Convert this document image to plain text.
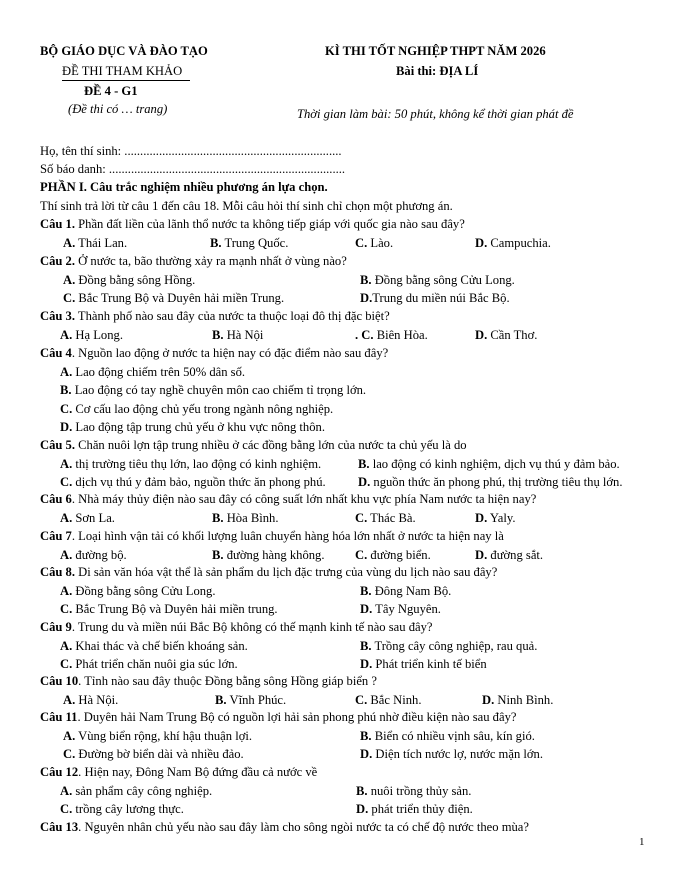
BỘ GIÁO DỤC VÀ ĐÀO TẠO
ĐỀ THI THAM KHẢO
ĐỀ 4 - G1
(Đề thi có … trang)
KÌ THI TỐT NGHIỆP THPT NĂM 2026
Bài thi: ĐỊA LÍ
Thời gian làm bài: 50 phút, không kể thời gian phát đề
Họ, tên thí sinh: .....................................................................
Số báo danh: ...........................................................................
PHẦN I. Câu trắc nghiệm nhiều phương án lựa chọn.
Thí sinh trả lời từ câu 1 đến câu 18. Mỗi câu hỏi thí sinh chỉ chọn một phương án.
Câu 1. Phần đất liền của lãnh thổ nước ta không tiếp giáp với quốc gia nào sau đây?
A. Thái Lan.	B. Trung Quốc.	C. Lào.	D. Campuchia.
Câu 2. Ở nước ta, bão thường xảy ra mạnh nhất ở vùng nào?
A. Đồng bằng sông Hồng.	B. Đồng bằng sông Cửu Long.
C. Bắc Trung Bộ và Duyên hải miền Trung.	D.Trung du miền núi Bắc Bộ.
Câu 3. Thành phố nào sau đây của nước ta thuộc loại đô thị đặc biệt?
A. Hạ Long.	B. Hà Nội	. C. Biên Hòa.	D. Cần Thơ.
Câu 4. Nguồn lao động ở nước ta hiện nay có đặc điểm nào sau đây?
A. Lao động chiếm trên 50% dân số.
B. Lao động có tay nghề chuyên môn cao chiếm tỉ trọng lớn.
C. Cơ cấu lao động chủ yếu trong ngành nông nghiệp.
D. Lao động tập trung chủ yếu ở khu vực nông thôn.
Câu 5. Chăn nuôi lợn tập trung nhiều ở các đồng bằng lớn của nước ta chủ yếu là do
A. thị trường tiêu thụ lớn, lao động có kinh nghiệm.	B. lao động có kinh nghiệm, dịch vụ thú y đảm bảo.
C. dịch vụ thú y đảm bảo, nguồn thức ăn phong phú.	D. nguồn thức ăn phong phú, thị trường tiêu thụ lớn.
Câu 6. Nhà máy thủy điện nào sau đây có công suất lớn nhất khu vực phía Nam nước ta hiện nay?
A. Sơn La.	B. Hòa Bình.	C. Thác Bà.	D. Yaly.
Câu 7. Loại hình vận tải có khối lượng luân chuyển hàng hóa lớn nhất ở nước ta hiện nay là
A. đường bộ.	B. đường hàng không. C. đường biển.	D. đường sắt.
Câu 8. Di sản văn hóa vật thể là sản phẩm du lịch đặc trưng của vùng du lịch nào sau đây?
A. Đồng bằng sông Cửu Long.	B. Đông Nam Bộ.
C. Bắc Trung Bộ và Duyên hải miền trung.	D. Tây Nguyên.
Câu 9. Trung du và miền núi Bắc Bộ không có thế mạnh kinh tế nào sau đây?
A. Khai thác và chế biến khoáng sản.	B. Trồng cây công nghiệp, rau quả.
C. Phát triển chăn nuôi gia súc lớn.	D. Phát triển kinh tế biển
Câu 10. Tỉnh nào sau đây thuộc Đồng bằng sông Hồng giáp biển ?
A. Hà Nội.	B. Vĩnh Phúc.	C. Bắc Ninh.	D. Ninh Bình.
Câu 11. Duyên hải Nam Trung Bộ có nguồn lợi hải sản phong phú nhờ điều kiện nào sau đây?
A. Vùng biển rộng, khí hậu thuận lợi.	B. Biển có nhiều vịnh sâu, kín gió.
C. Đường bờ biển dài và nhiều đảo.	D. Diện tích nước lợ, nước mặn lớn.
Câu 12. Hiện nay, Đông Nam Bộ đứng đầu cả nước về
A. sản phẩm cây công nghiệp.	B. nuôi trồng thủy sản.
C. trồng cây lương thực.	D. phát triển thủy điện.
Câu 13. Nguyên nhân chủ yếu nào sau đây làm cho sông ngòi nước ta có chế độ nước theo mùa?
1
